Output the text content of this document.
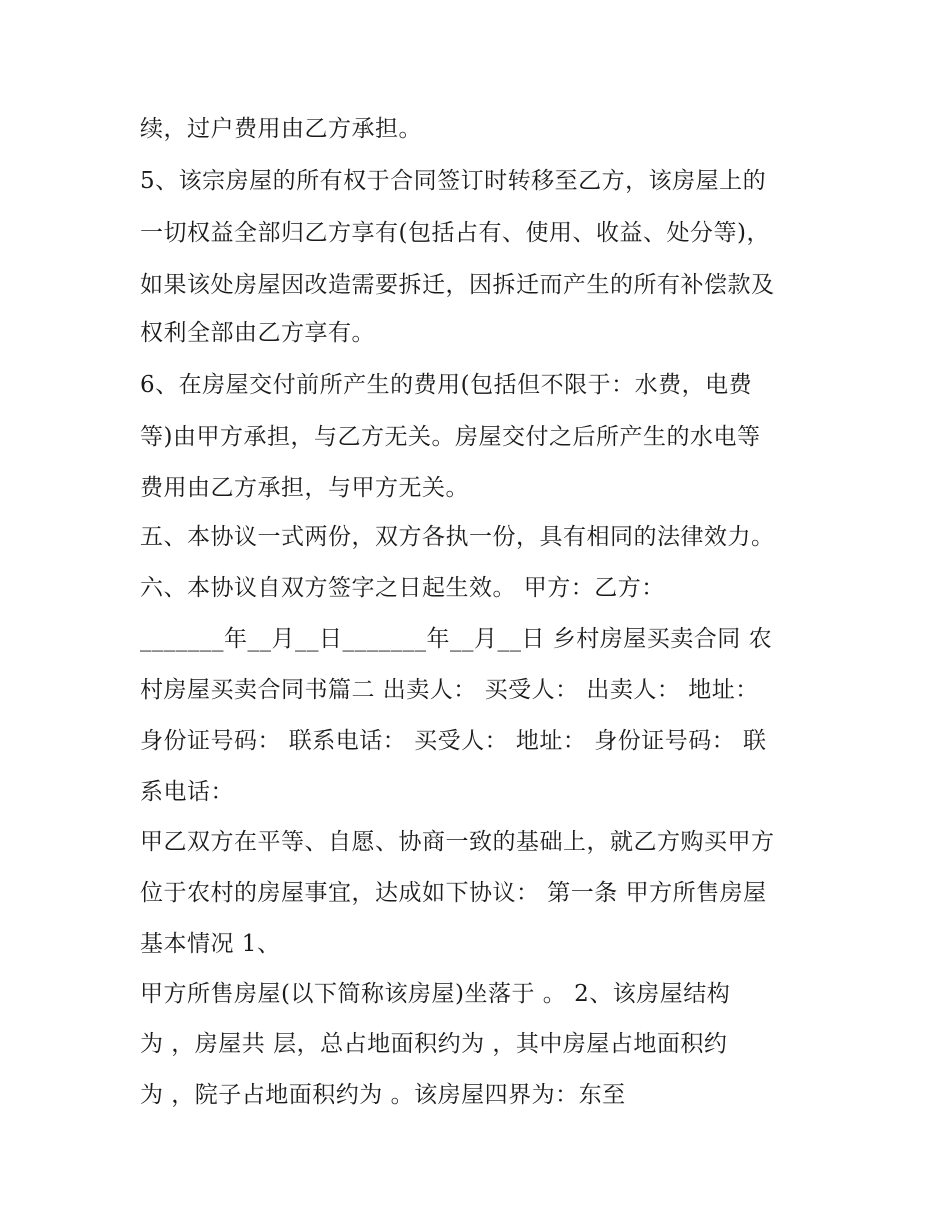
续，过户费用由乙方承担。
5、该宗房屋的所有权于合同签订时转移至乙方，该房屋上的
一切权益全部归乙方享有(包括占有、使用、收益、处分等)，
如果该处房屋因改造需要拆迁，因拆迁而产生的所有补偿款及
权利全部由乙方享有。
6、在房屋交付前所产生的费用(包括但不限于：水费，电费
等)由甲方承担，与乙方无关。房屋交付之后所产生的水电等
费用由乙方承担，与甲方无关。
五、本协议一式两份，双方各执一份，具有相同的法律效力。
六、本协议自双方签字之日起生效。 甲方：乙方：
_______年__月__日_______年__月__日 乡村房屋买卖合同 农
村房屋买卖合同书篇二 出卖人： 买受人： 出卖人： 地址：
身份证号码： 联系电话： 买受人： 地址： 身份证号码： 联
系电话：
甲乙双方在平等、自愿、协商一致的基础上，就乙方购买甲方
位于农村的房屋事宜，达成如下协议： 第一条 甲方所售房屋
基本情况 1、
甲方所售房屋(以下简称该房屋)坐落于 。 2、该房屋结构
为 ，房屋共 层，总占地面积约为 ，其中房屋占地面积约
为 ，院子占地面积约为 。该房屋四界为：东至
